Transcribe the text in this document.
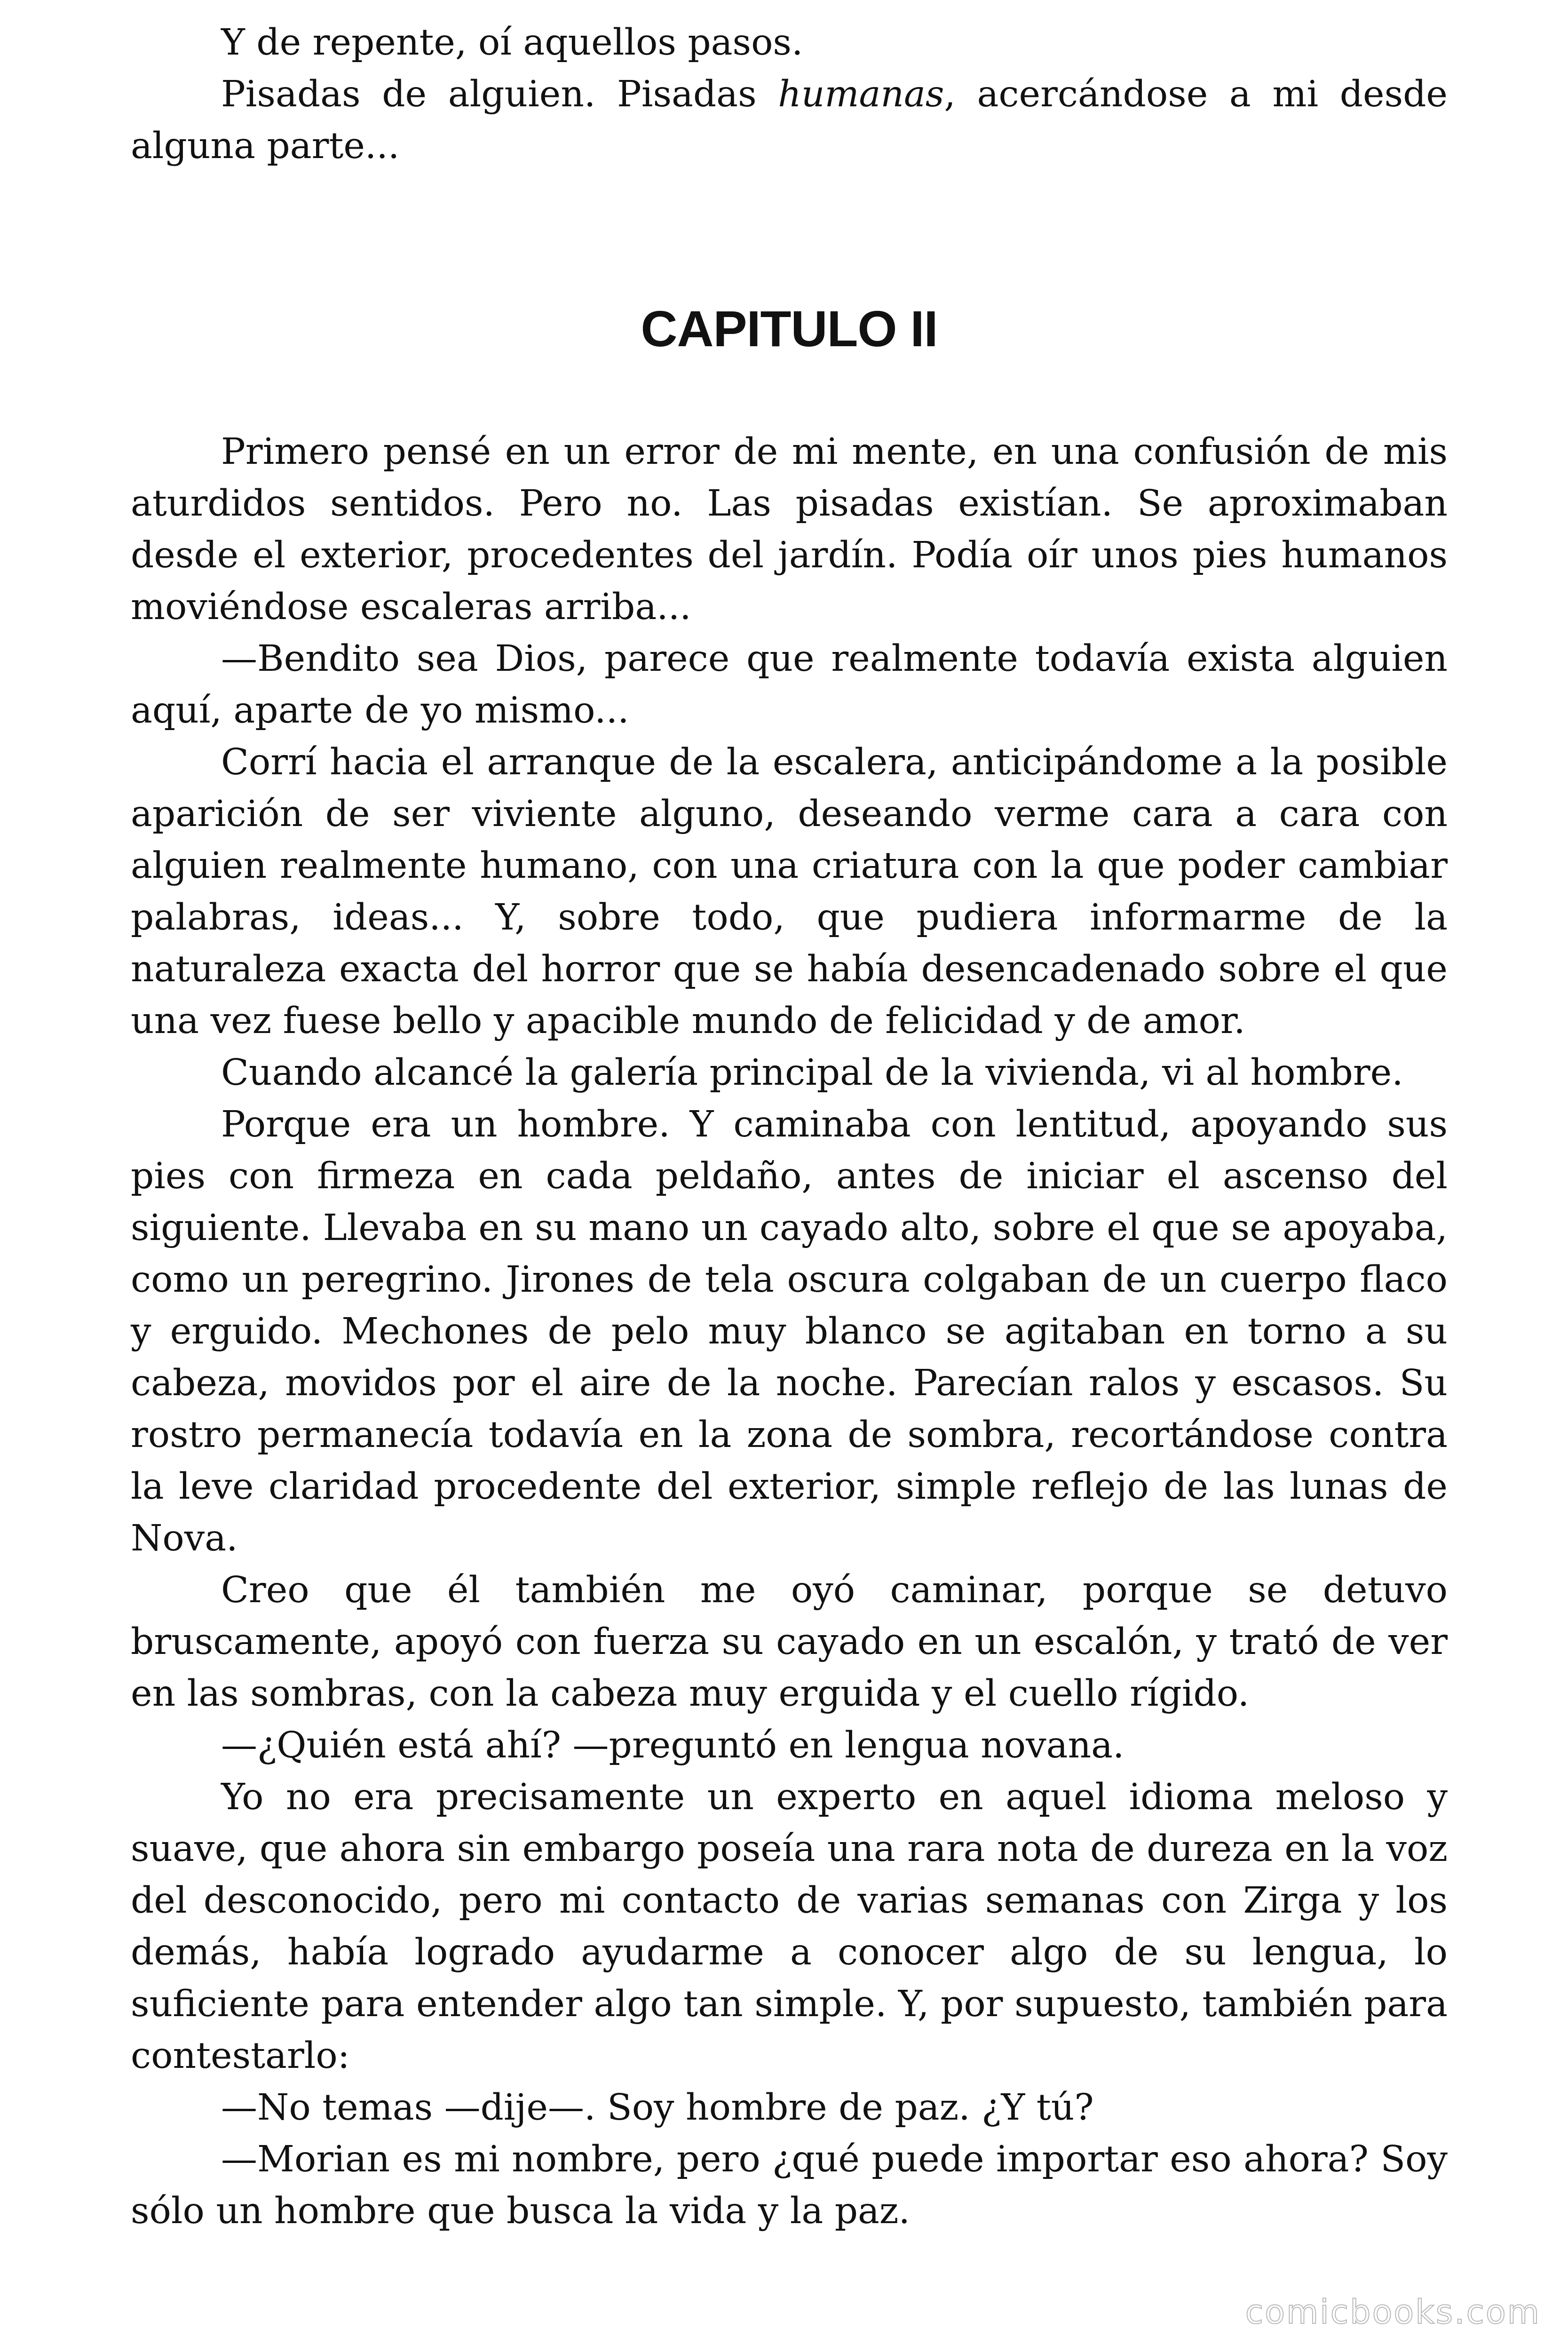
Y de repente, oí aquellos pasos.

Pisadas de alguien. Pisadas humanas, acercándose a mi desde alguna parte...

CAPITULO II

Primero pensé en un error de mi mente, en una confusión de mis aturdidos sentidos. Pero no. Las pisadas existían. Se aproximaban desde el exterior, procedentes del jardín. Podía oír unos pies humanos moviéndose escaleras arriba...

—Bendito sea Dios, parece que realmente todavía exista alguien aquí, aparte de yo mismo...

Corrí hacia el arranque de la escalera, anticipándome a la posible aparición de ser viviente alguno, deseando verme cara a cara con alguien realmente humano, con una criatura con la que poder cambiar palabras, ideas... Y, sobre todo, que pudiera informarme de la naturaleza exacta del horror que se había desencadenado sobre el que una vez fuese bello y apacible mundo de felicidad y de amor.

Cuando alcancé la galería principal de la vivienda, vi al hombre.

Porque era un hombre. Y caminaba con lentitud, apoyando sus pies con firmeza en cada peldaño, antes de iniciar el ascenso del siguiente. Llevaba en su mano un cayado alto, sobre el que se apoyaba, como un peregrino. Jirones de tela oscura colgaban de un cuerpo flaco y erguido. Mechones de pelo muy blanco se agitaban en torno a su cabeza, movidos por el aire de la noche. Parecían ralos y escasos. Su rostro permanecía todavía en la zona de sombra, recortándose contra la leve claridad procedente del exterior, simple reflejo de las lunas de Nova.

Creo que él también me oyó caminar, porque se detuvo bruscamente, apoyó con fuerza su cayado en un escalón, y trató de ver en las sombras, con la cabeza muy erguida y el cuello rígido.

—¿Quién está ahí? —preguntó en lengua novana.

Yo no era precisamente un experto en aquel idioma meloso y suave, que ahora sin embargo poseía una rara nota de dureza en la voz del desconocido, pero mi contacto de varias semanas con Zirga y los demás, había logrado ayudarme a conocer algo de su lengua, lo suficiente para entender algo tan simple. Y, por supuesto, también para contestarlo:

—No temas —dije—. Soy hombre de paz. ¿Y tú?

—Morian es mi nombre, pero ¿qué puede importar eso ahora? Soy sólo un hombre que busca la vida y la paz.

comicbooks.com
